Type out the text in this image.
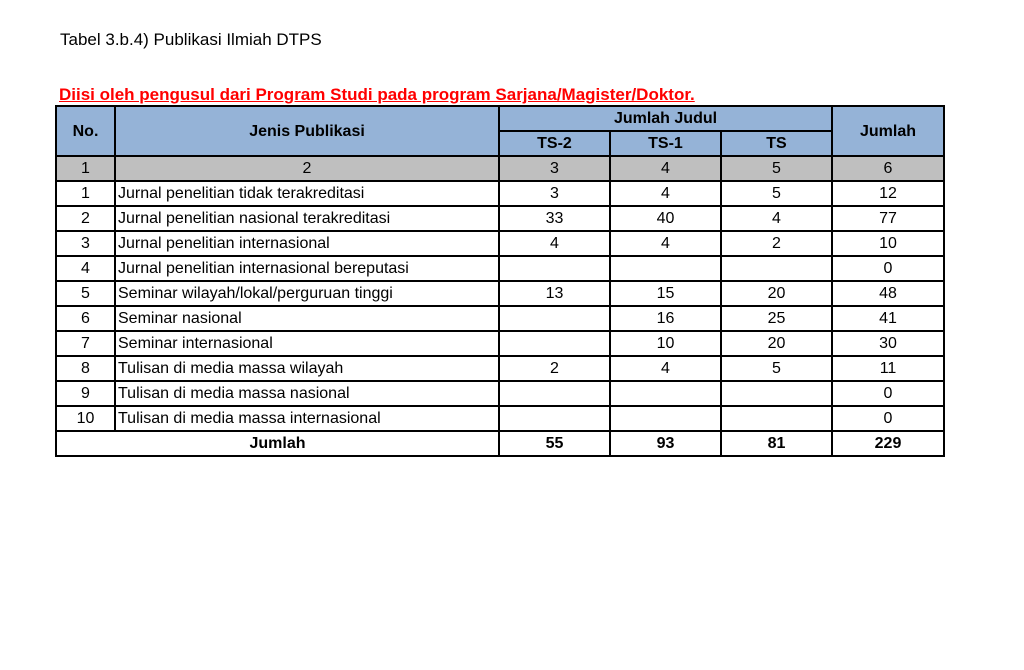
Tabel 3.b.4) Publikasi Ilmiah DTPS
Diisi oleh pengusul dari Program Studi pada program Sarjana/Magister/Doktor.
No.	Jenis Publikasi	Jumlah Judul			Jumlah
		TS-2	TS-1	TS	
1	2	3	4	5	6
1	Jurnal penelitian tidak terakreditasi	3	4	5	12
2	Jurnal penelitian nasional terakreditasi	33	40	4	77
3	Jurnal penelitian internasional	4	4	2	10
4	Jurnal penelitian internasional bereputasi				0
5	Seminar wilayah/lokal/perguruan tinggi	13	15	20	48
6	Seminar nasional		16	25	41
7	Seminar internasional		10	20	30
8	Tulisan di media massa wilayah	2	4	5	11
9	Tulisan di media massa nasional				0
10	Tulisan di media massa internasional				0
Jumlah		55	93	81	229
